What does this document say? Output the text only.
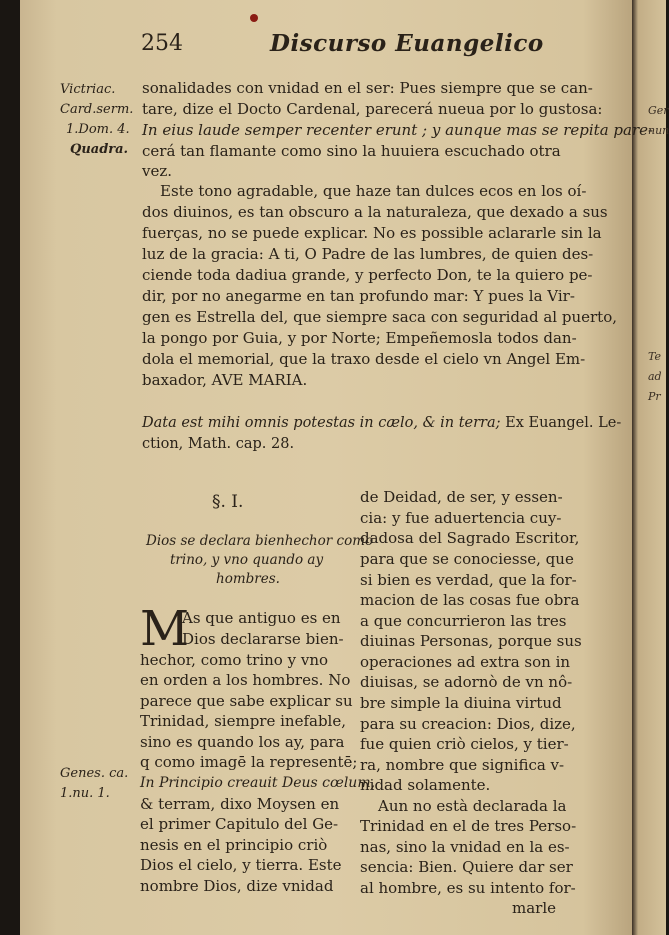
Ger
nun
Te
ad
Pr
254	Discurso Euangelico
Victriac.
Card.serm.
1.Dom. 4.
Quadra.
Genes. ca.
1.nu. 1.
sonalidades con vnidad en el ser: Pues siempre que se can-
tare, dize el Docto Cardenal, parecerá nueua por lo gustosa:
In eius laude semper recenter erunt ; y aunque mas se repita pare-
cerá tan flamante como sino la huuiera escuchado otra
vez.
Este tono agradable, que haze tan dulces ecos en los oí-
dos diuinos, es tan obscuro a la naturaleza, que dexado a sus
fuerças, no se puede explicar. No es possible aclararle sin la
luz de la gracia: A ti, O Padre de las lumbres, de quien des-
ciende toda dadiua grande, y perfecto Don, te la quiero pe-
dir, por no anegarme en tan profundo mar: Y pues la Vir-
gen es Estrella del, que siempre saca con seguridad al puerto,
la pongo por Guia, y por Norte; Empeñemosla todos dan-
dola el memorial, que la traxo desde el cielo vn Angel Em-
baxador, AVE MARIA.
Data est mihi omnis potestas in cælo, & in terra; Ex Euangel. Le-
ction, Math. cap. 28.
§. I.
Dios se declara bienhechor como
trino, y vno quando ay
hombres.
M
As que antiguo es en
Dios declararse bien-
hechor, como trino y vno
en orden a los hombres. No
parece que sabe explicar su
Trinidad, siempre inefable,
sino es quando los ay, para
q como imagē la representē;
In Principio creauit Deus cœlum,
& terram, dixo Moysen en
el primer Capitulo del Ge-
nesis en el principio criò
Dios el cielo, y tierra. Este
nombre Dios, dize vnidad
de Deidad, de ser, y essen-
cia: y fue aduertencia cuy-
dadosa del Sagrado Escritor,
para que se conociesse, que
si bien es verdad, que la for-
macion de las cosas fue obra
a que concurrieron las tres
diuinas Personas, porque sus
operaciones ad extra son in
diuisas, se adornò de vn nô-
bre simple la diuina virtud
para su creacion: Dios, dize,
fue quien criò cielos, y tier-
ra, nombre que significa v-
nidad solamente.
Aun no està declarada la
Trinidad en el de tres Perso-
nas, sino la vnidad en la es-
sencia: Bien. Quiere dar ser
al hombre, es su intento for-
marle
